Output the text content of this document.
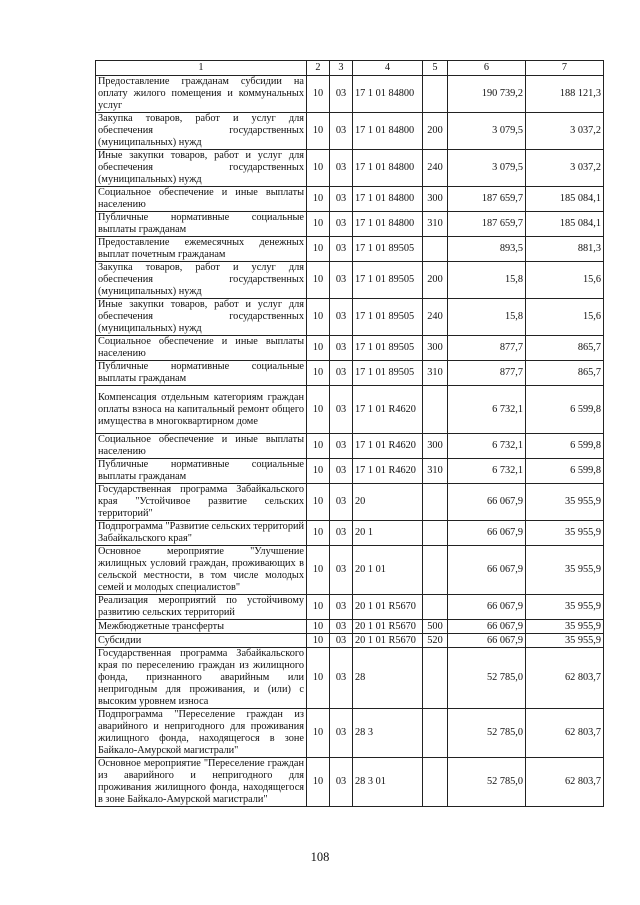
1	2	3	4	5	6	7
Предоставление гражданам субсидии на оплату жилого помещения и коммунальных услуг	10	03	17 1 01 84800		190 739,2	188 121,3
Закупка товаров, работ и услуг для обеспечения государственных (муниципальных) нужд	10	03	17 1 01 84800	200	3 079,5	3 037,2
Иные закупки товаров, работ и услуг для обеспечения государственных (муниципальных) нужд	10	03	17 1 01 84800	240	3 079,5	3 037,2
Социальное обеспечение и иные выплаты населению	10	03	17 1 01 84800	300	187 659,7	185 084,1
Публичные нормативные социальные выплаты гражданам	10	03	17 1 01 84800	310	187 659,7	185 084,1
Предоставление ежемесячных денежных выплат почетным гражданам	10	03	17 1 01 89505		893,5	881,3
Закупка товаров, работ и услуг для обеспечения государственных (муниципальных) нужд	10	03	17 1 01 89505	200	15,8	15,6
Иные закупки товаров, работ и услуг для обеспечения государственных (муниципальных) нужд	10	03	17 1 01 89505	240	15,8	15,6
Социальное обеспечение и иные выплаты населению	10	03	17 1 01 89505	300	877,7	865,7
Публичные нормативные социальные выплаты гражданам	10	03	17 1 01 89505	310	877,7	865,7
Компенсация отдельным категориям граждан оплаты взноса на капитальный ремонт общего имущества в многоквартирном доме	10	03	17 1 01 R4620		6 732,1	6 599,8
Социальное обеспечение и иные выплаты населению	10	03	17 1 01 R4620	300	6 732,1	6 599,8
Публичные нормативные социальные выплаты гражданам	10	03	17 1 01 R4620	310	6 732,1	6 599,8
Государственная программа Забайкальского края "Устойчивое развитие сельских территорий"	10	03	20		66 067,9	35 955,9
Подпрограмма "Развитие сельских территорий Забайкальского края"	10	03	20 1		66 067,9	35 955,9
Основное мероприятие "Улучшение жилищных условий граждан, проживающих в сельской местности, в том числе молодых семей и молодых специалистов"	10	03	20 1 01		66 067,9	35 955,9
Реализация мероприятий по устойчивому развитию сельских территорий	10	03	20 1 01 R5670		66 067,9	35 955,9
Межбюджетные трансферты	10	03	20 1 01 R5670	500	66 067,9	35 955,9
Субсидии	10	03	20 1 01 R5670	520	66 067,9	35 955,9
Государственная программа Забайкальского края по переселению граждан из жилищного фонда, признанного аварийным или непригодным для проживания, и (или) с высоким уровнем износа	10	03	28		52 785,0	62 803,7
Подпрограмма "Переселение граждан из аварийного и непригодного для проживания жилищного фонда, находящегося в зоне Байкало-Амурской магистрали"	10	03	28 3		52 785,0	62 803,7
Основное мероприятие "Переселение граждан из аварийного и непригодного для проживания жилищного фонда, находящегося в зоне Байкало-Амурской магистрали"	10	03	28 3 01		52 785,0	62 803,7
108
